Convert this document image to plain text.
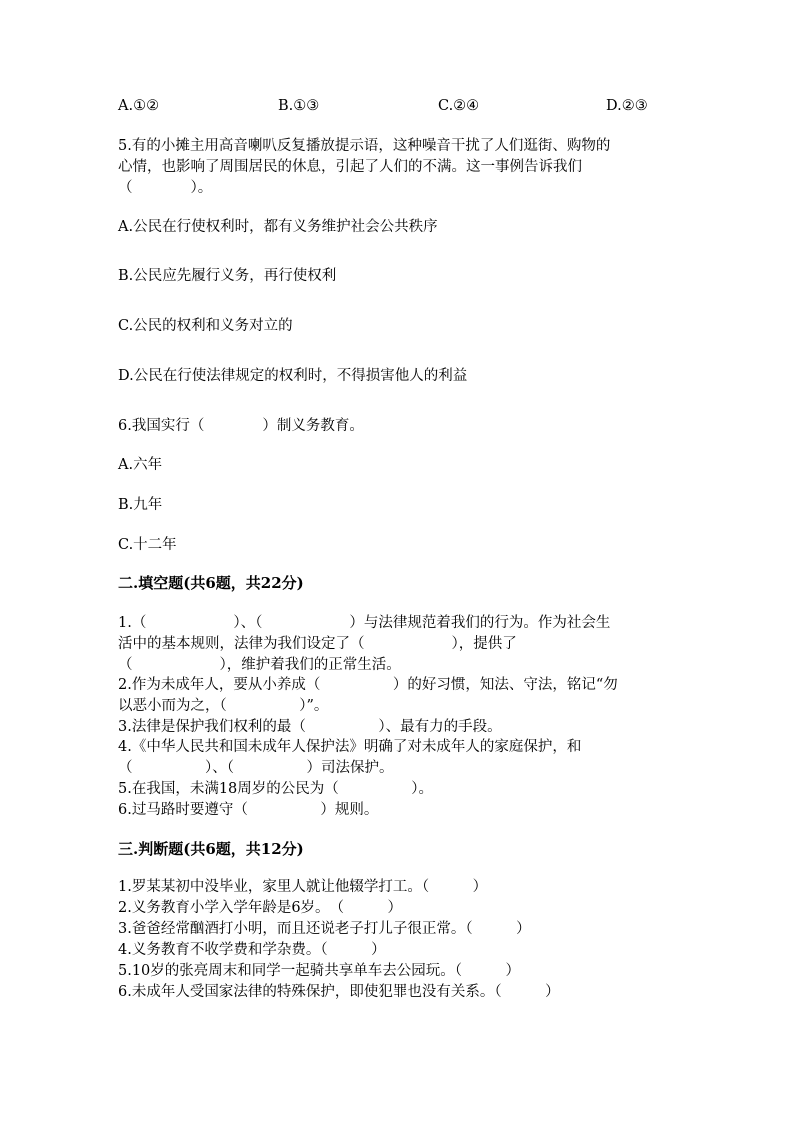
A.①②	B.①③	C.②④	D.②③
5.有的小摊主用高音喇叭反复播放提示语，这种噪音干扰了人们逛街、购物的
心情，也影响了周围居民的休息，引起了人们的不满。这一事例告诉我们
（　　　　）。
A.公民在行使权利时，都有义务维护社会公共秩序
B.公民应先履行义务，再行使权利
C.公民的权利和义务对立的
D.公民在行使法律规定的权利时，不得损害他人的利益
6.我国实行（　　　　）制义务教育。
A.六年
B.九年
C.十二年
二.填空题(共6题，共22分)
1.（　　　　　　）、（　　　　　　）与法律规范着我们的行为。作为社会生
活中的基本规则，法律为我们设定了（　　　　　　），提供了
（　　　　　　），维护着我们的正常生活。
2.作为未成年人，要从小养成（　　　　　）的好习惯，知法、守法，铭记“勿
以恶小而为之，（　　　　　）”。
3.法律是保护我们权利的最（　　　　　）、最有力的手段。
4.《中华人民共和国未成年人保护法》明确了对未成年人的家庭保护，和
（　　　　　）、（　　　　　）司法保护。
5.在我国，未满18周岁的公民为（　　　　　）。
6.过马路时要遵守（　　　　　）规则。
三.判断题(共6题，共12分)
1.罗某某初中没毕业，家里人就让他辍学打工。（　　　）
2.义务教育小学入学年龄是6岁。　（　　　）
3.爸爸经常酗酒打小明，而且还说老子打儿子很正常。（　　　）
4.义务教育不收学费和学杂费。（　　　）
5.10岁的张亮周末和同学一起骑共享单车去公园玩。（　　　）
6.未成年人受国家法律的特殊保护，即使犯罪也没有关系。（　　　）
